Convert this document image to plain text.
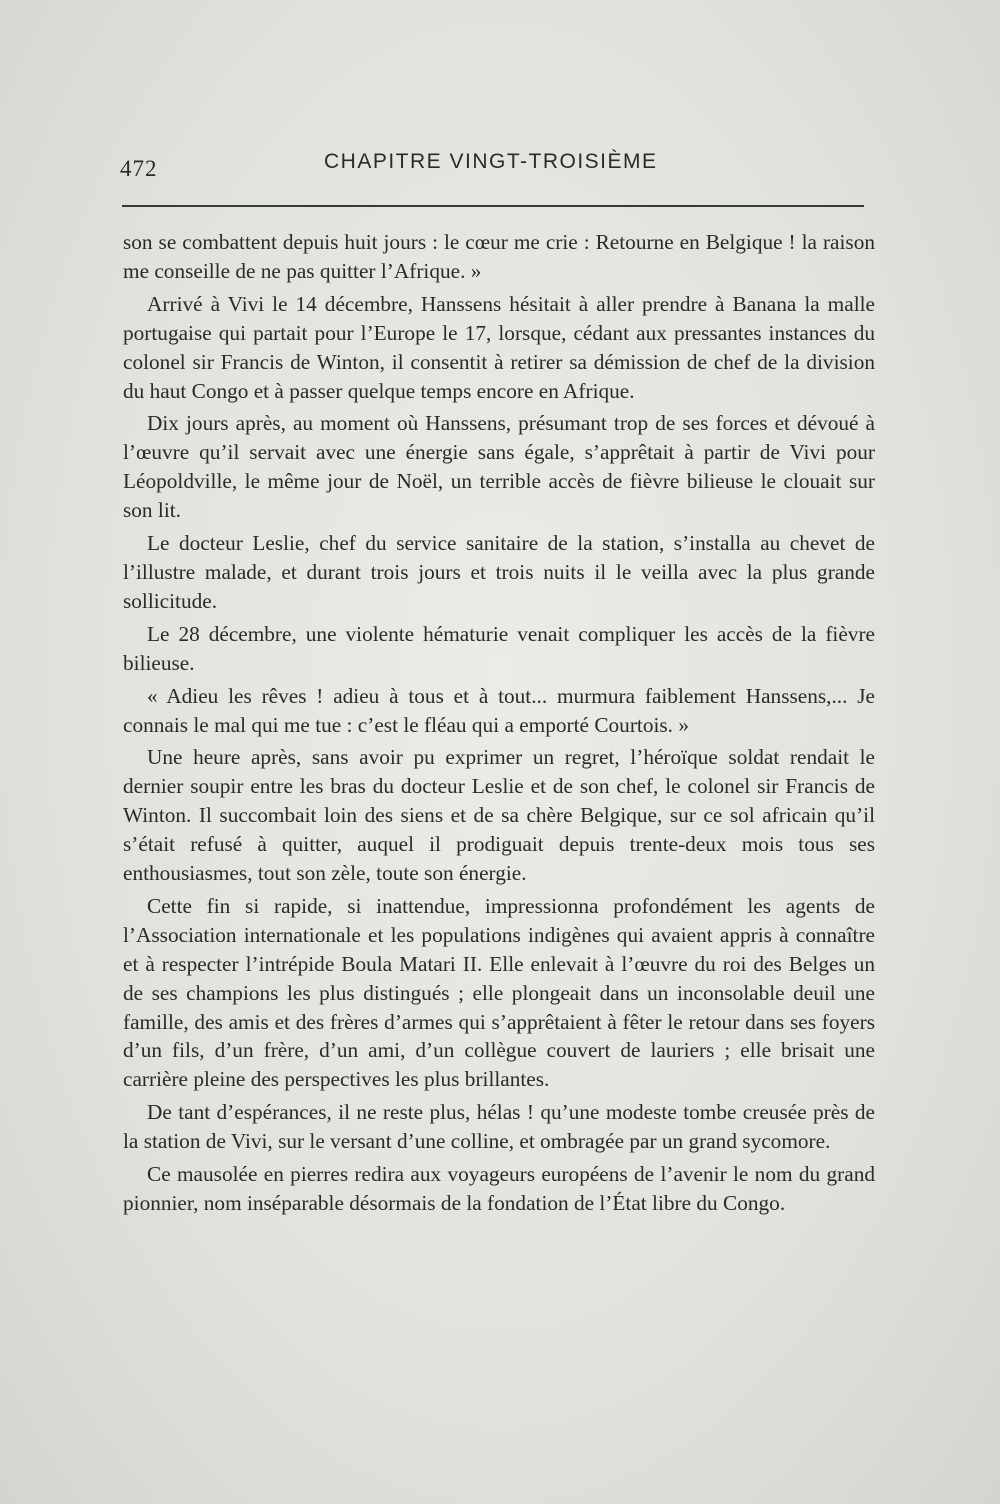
472	CHAPITRE VINGT-TROISIÈME

son se combattent depuis huit jours : le cœur me crie : Retourne en Belgique ! la raison me conseille de ne pas quitter l’Afrique. »

Arrivé à Vivi le 14 décembre, Hanssens hésitait à aller prendre à Banana la malle portugaise qui partait pour l’Europe le 17, lorsque, cédant aux pressantes instances du colonel sir Francis de Winton, il consentit à retirer sa démission de chef de la division du haut Congo et à passer quelque temps encore en Afrique.

Dix jours après, au moment où Hanssens, présumant trop de ses forces et dévoué à l’œuvre qu’il servait avec une énergie sans égale, s’apprêtait à partir de Vivi pour Léopoldville, le même jour de Noël, un terrible accès de fièvre bilieuse le clouait sur son lit.

Le docteur Leslie, chef du service sanitaire de la station, s’installa au chevet de l’illustre malade, et durant trois jours et trois nuits il le veilla avec la plus grande sollicitude.

Le 28 décembre, une violente hématurie venait compliquer les accès de la fièvre bilieuse.

« Adieu les rêves ! adieu à tous et à tout... murmura faiblement Hanssens,... Je connais le mal qui me tue : c’est le fléau qui a emporté Courtois. »

Une heure après, sans avoir pu exprimer un regret, l’héroïque soldat rendait le dernier soupir entre les bras du docteur Leslie et de son chef, le colonel sir Francis de Winton. Il succombait loin des siens et de sa chère Belgique, sur ce sol africain qu’il s’était refusé à quitter, auquel il prodiguait depuis trente-deux mois tous ses enthousiasmes, tout son zèle, toute son énergie.

Cette fin si rapide, si inattendue, impressionna profondément les agents de l’Association internationale et les populations indigènes qui avaient appris à connaître et à respecter l’intrépide Boula Matari II. Elle enlevait à l’œuvre du roi des Belges un de ses champions les plus distingués ; elle plongeait dans un inconsolable deuil une famille, des amis et des frères d’armes qui s’apprêtaient à fêter le retour dans ses foyers d’un fils, d’un frère, d’un ami, d’un collègue couvert de lauriers ; elle brisait une carrière pleine des perspectives les plus brillantes.

De tant d’espérances, il ne reste plus, hélas ! qu’une modeste tombe creusée près de la station de Vivi, sur le versant d’une colline, et ombragée par un grand sycomore.

Ce mausolée en pierres redira aux voyageurs européens de l’avenir le nom du grand pionnier, nom inséparable désormais de la fondation de l’État libre du Congo.
